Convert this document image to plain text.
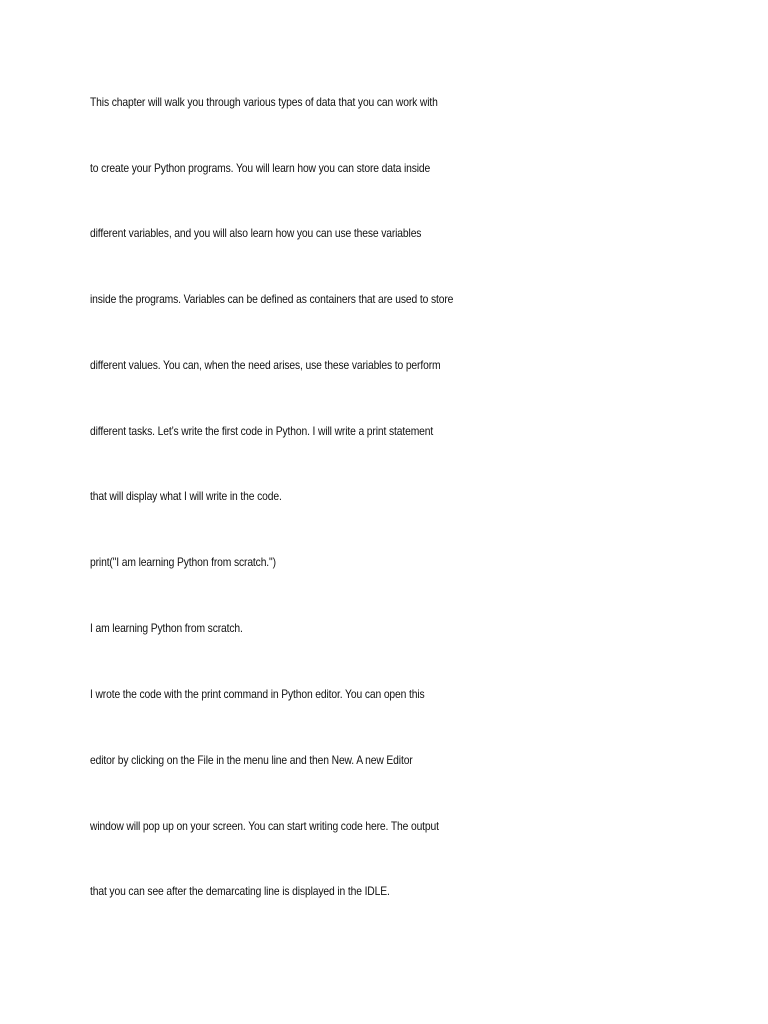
This chapter will walk you through various types of data that you can work with
to create your Python programs. You will learn how you can store data inside
different variables, and you will also learn how you can use these variables
inside the programs. Variables can be defined as containers that are used to store
different values. You can, when the need arises, use these variables to perform
different tasks. Let’s write the first code in Python. I will write a print statement
that will display what I will write in the code.
print("I am learning Python from scratch.")
I am learning Python from scratch.
I wrote the code with the print command in Python editor. You can open this
editor by clicking on the File in the menu line and then New. A new Editor
window will pop up on your screen. You can start writing code here. The output
that you can see after the demarcating line is displayed in the IDLE.
